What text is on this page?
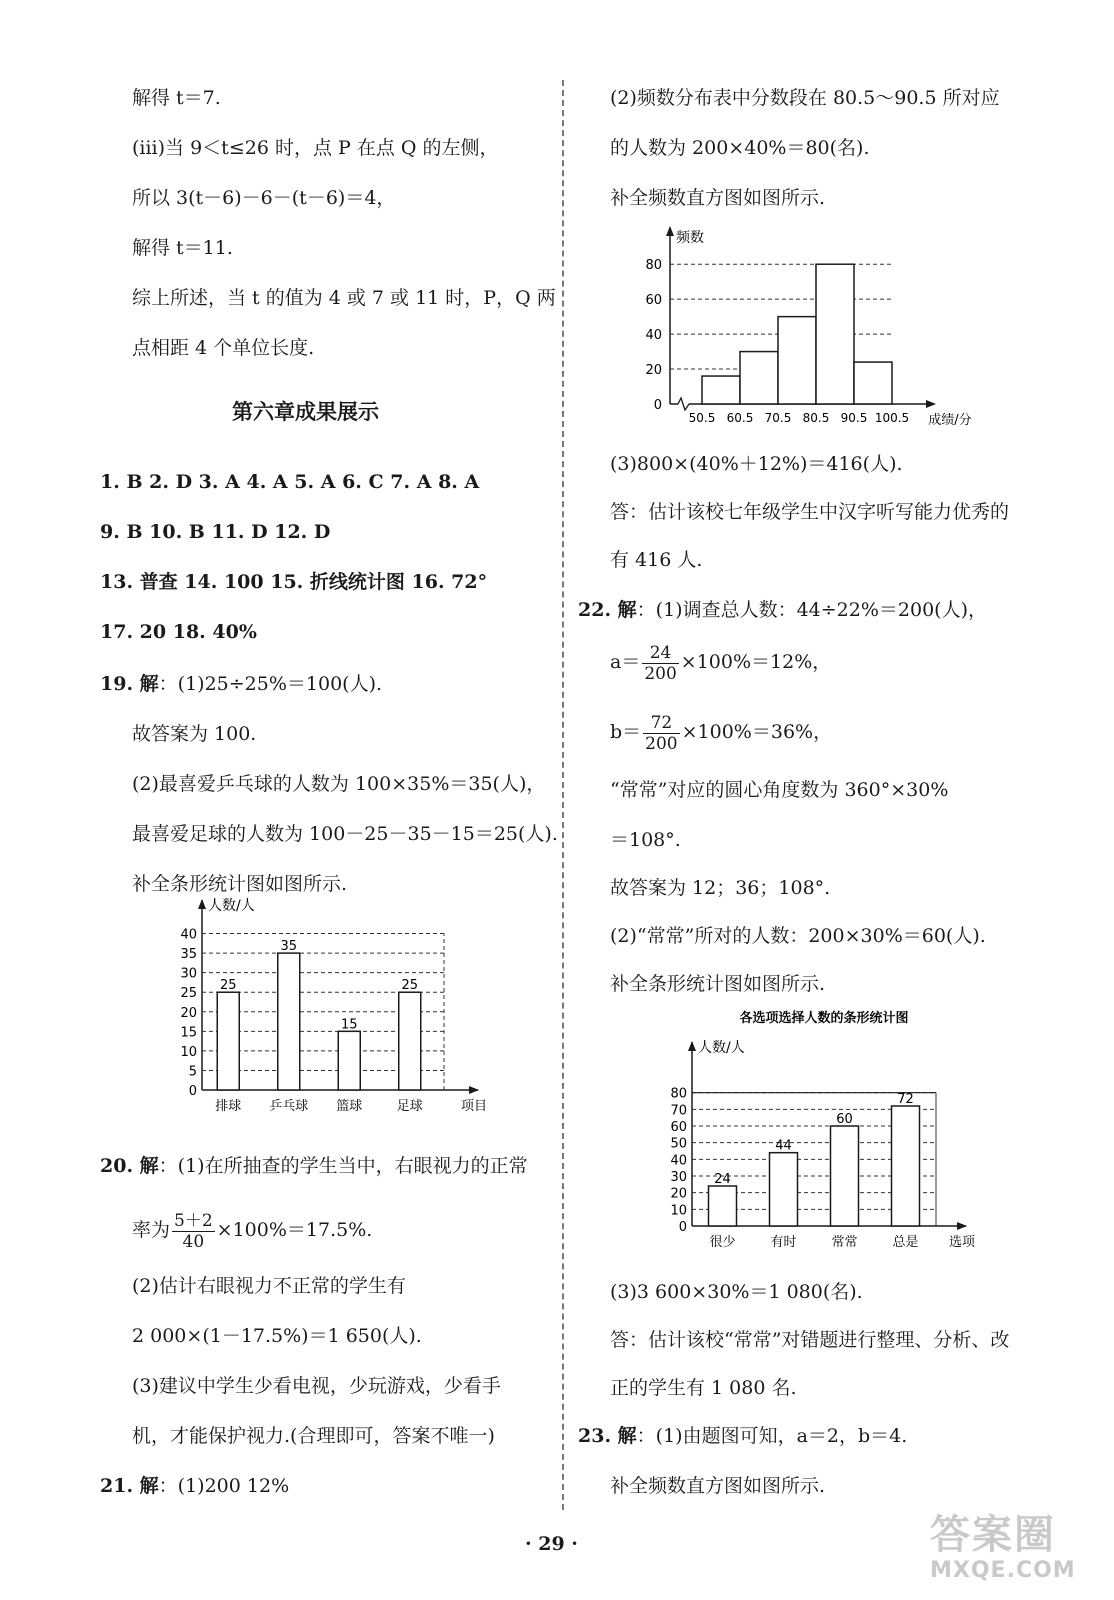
解得 t＝7.
(ⅲ)当 9＜t≤26 时，点 P 在点 Q 的左侧，
所以 3(t－6)－6－(t－6)＝4，
解得 t＝11.
综上所述，当 t 的值为 4 或 7 或 11 时，P，Q 两
点相距 4 个单位长度.
第六章成果展示
1. B 2. D 3. A 4. A 5. A 6. C 7. A 8. A
9. B 10. B 11. D 12. D
13. 普查 14. 100 15. 折线统计图 16. 72°
17. 20 18. 40%
19. 解：(1)25÷25%＝100(人).
故答案为 100.
(2)最喜爱乒乓球的人数为 100×35%＝35(人)，
最喜爱足球的人数为 100－25－35－15＝25(人).
补全条形统计图如图所示.
人数/人
项目
0
5
10
15
20
25
30
35
40
25
排球
35
乒乓球
15
篮球
25
足球
20. 解：(1)在所抽查的学生当中，右眼视力的正常
率为 $\frac{5+2}{40} \times 100\%=17.5\%$.
(2)估计右眼视力不正常的学生有
2 000×(1－17.5%)＝1 650(人).
(3)建议中学生少看电视，少玩游戏，少看手
机，才能保护视力.(合理即可，答案不唯一)
21. 解：(1)200 12%
(2)频数分布表中分数段在 80.5～90.5 所对应
的人数为 200×40%＝80(名).
补全频数直方图如图所示.
频数
0
20
40
60
80
50.5 60.5 70.5 80.5 90.5 100.5 成绩/分
(3)800×(40%＋12%)＝416(人).
答：估计该校七年级学生中汉字听写能力优秀的
有 416 人.
22. 解：(1)调查总人数：44÷22%＝200(人)，
$a= \frac{24}{200} \times 100\%=12\%$，
$b= \frac{72}{200} \times 100\%=36\%$，
“常常”对应的圆心角度数为 360°×30%
＝108°.
故答案为 12；36；108°.
(2)“常常”所对的人数：200×30%＝60(人).
补全条形统计图如图所示.
各选项选择人数的条形统计图
人数/人
选项
0
10
20
30
40
50
60
70
80
24
很少
44
有时
60
常常
72
总是
(3)3 600×30%＝1 080(名).
答：估计该校“常常”对错题进行整理、分析、改
正的学生有 1 080 名.
23. 解：(1)由题图可知，a＝2，b＝4.
补全频数直方图如图所示.
· 29 ·	答案圈
MXQE.COM
